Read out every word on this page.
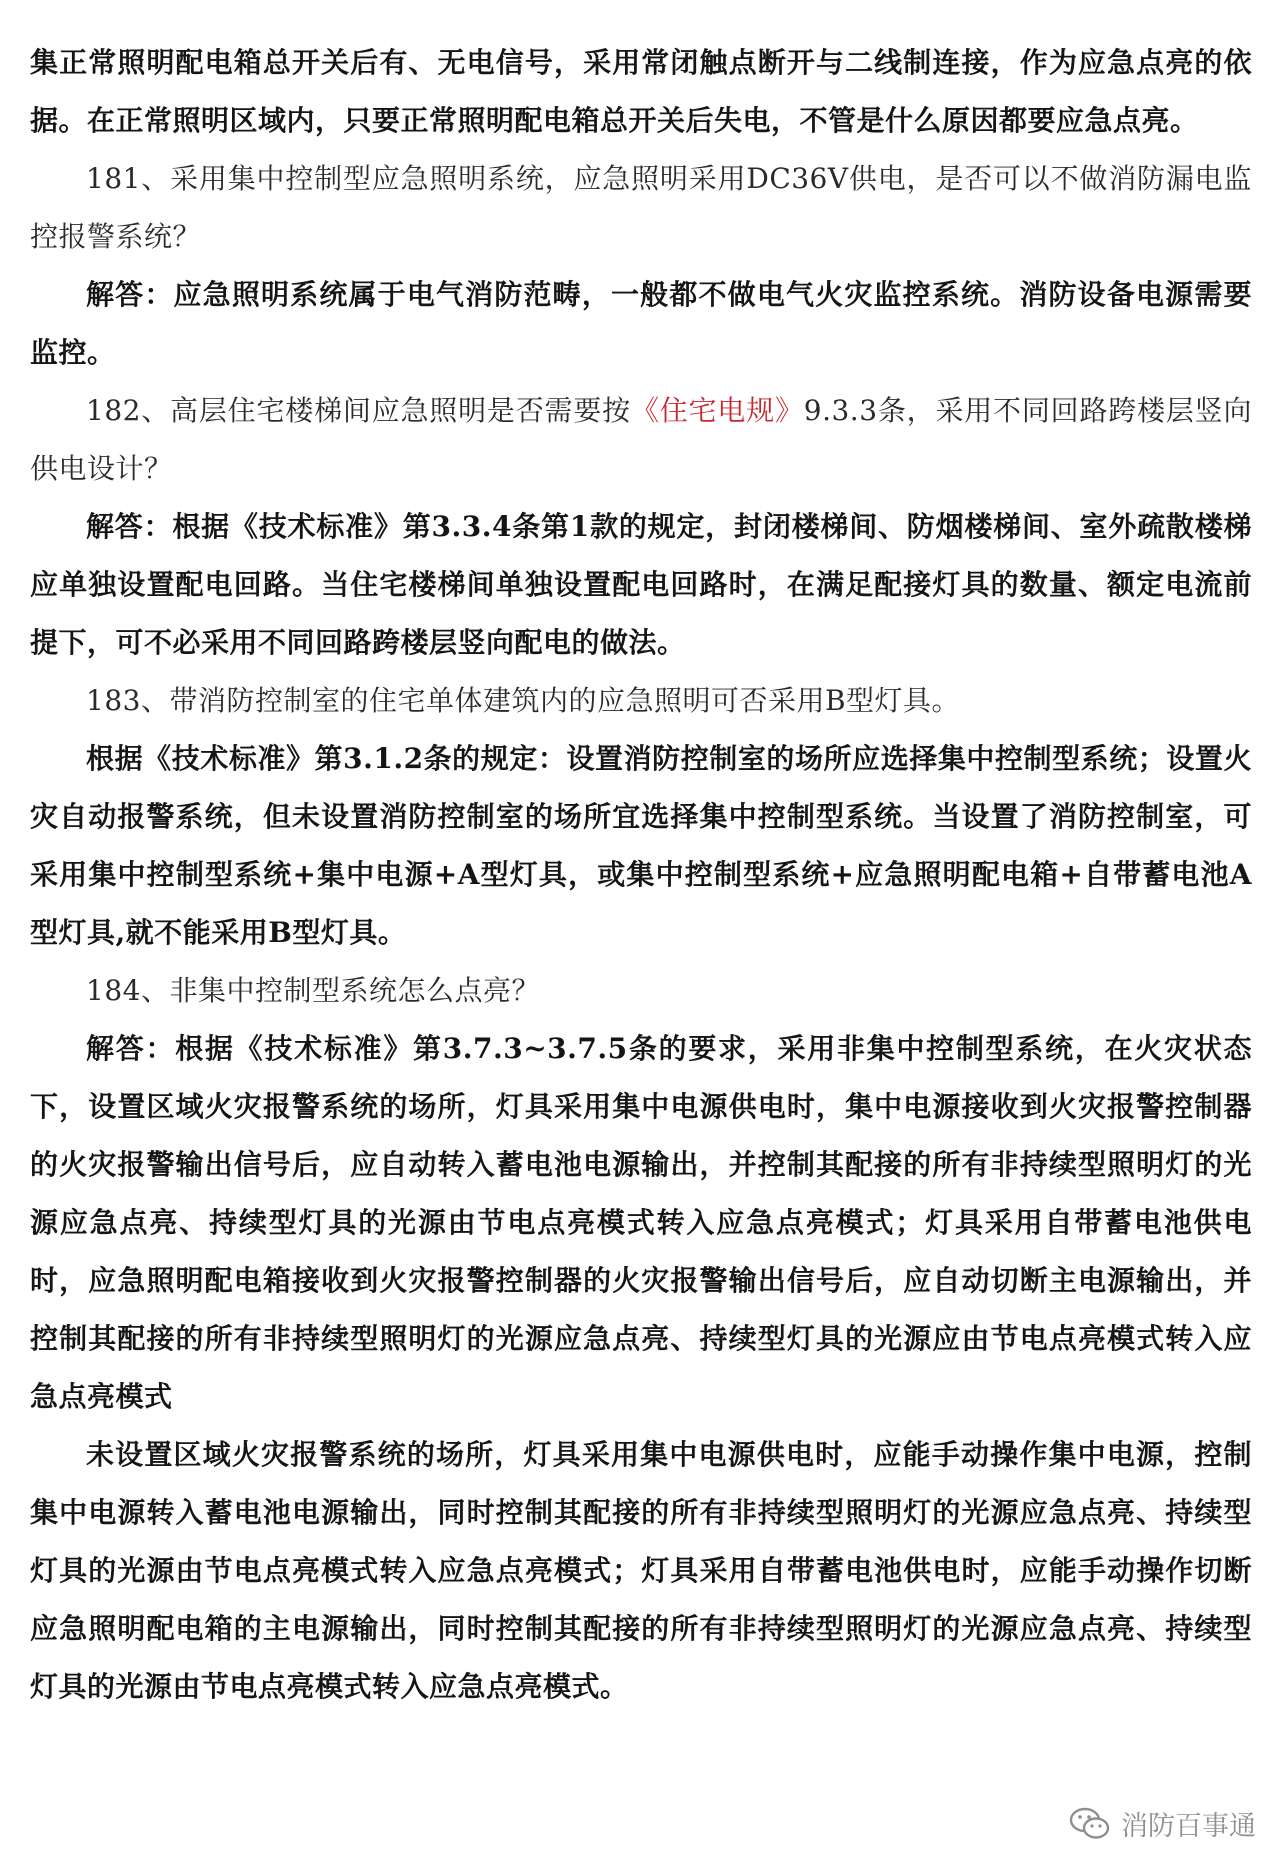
集正常照明配电箱总开关后有、无电信号，采用常闭触点断开与二线制连接，作为应急点亮的依据。在正常照明区域内，只要正常照明配电箱总开关后失电，不管是什么原因都要应急点亮。

181、采用集中控制型应急照明系统，应急照明采用DC36V供电，是否可以不做消防漏电监控报警系统？

解答：应急照明系统属于电气消防范畴，一般都不做电气火灾监控系统。消防设备电源需要监控。

182、高层住宅楼梯间应急照明是否需要按《住宅电规》9.3.3条，采用不同回路跨楼层竖向供电设计？

解答：根据《技术标准》第3.3.4条第1款的规定，封闭楼梯间、防烟楼梯间、室外疏散楼梯应单独设置配电回路。当住宅楼梯间单独设置配电回路时，在满足配接灯具的数量、额定电流前提下，可不必采用不同回路跨楼层竖向配电的做法。

183、带消防控制室的住宅单体建筑内的应急照明可否采用B型灯具。

根据《技术标准》第3.1.2条的规定：设置消防控制室的场所应选择集中控制型系统；设置火灾自动报警系统，但未设置消防控制室的场所宜选择集中控制型系统。当设置了消防控制室，可采用集中控制型系统+集中电源+A型灯具，或集中控制型系统+应急照明配电箱+自带蓄电池A型灯具,就不能采用B型灯具。

184、非集中控制型系统怎么点亮？

解答：根据《技术标准》第3.7.3~3.7.5条的要求，采用非集中控制型系统，在火灾状态下，设置区域火灾报警系统的场所，灯具采用集中电源供电时，集中电源接收到火灾报警控制器的火灾报警输出信号后，应自动转入蓄电池电源输出，并控制其配接的所有非持续型照明灯的光源应急点亮、持续型灯具的光源由节电点亮模式转入应急点亮模式；灯具采用自带蓄电池供电时，应急照明配电箱接收到火灾报警控制器的火灾报警输出信号后，应自动切断主电源输出，并控制其配接的所有非持续型照明灯的光源应急点亮、持续型灯具的光源应由节电点亮模式转入应急点亮模式

未设置区域火灾报警系统的场所，灯具采用集中电源供电时，应能手动操作集中电源，控制集中电源转入蓄电池电源输出，同时控制其配接的所有非持续型照明灯的光源应急点亮、持续型灯具的光源由节电点亮模式转入应急点亮模式；灯具采用自带蓄电池供电时，应能手动操作切断应急照明配电箱的主电源输出，同时控制其配接的所有非持续型照明灯的光源应急点亮、持续型灯具的光源由节电点亮模式转入应急点亮模式。

消防百事通
